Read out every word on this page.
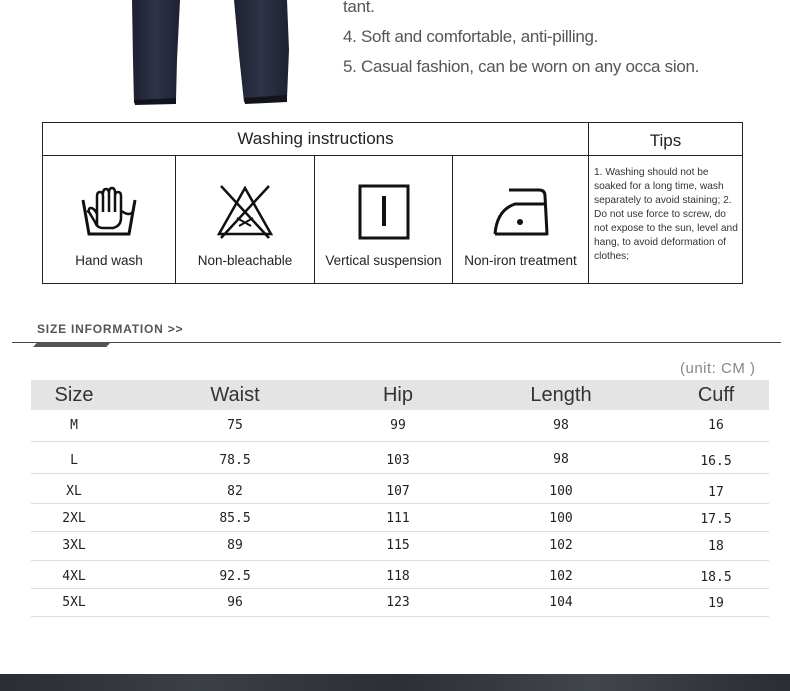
tant.
4. Soft and comfortable, anti-pilling.
5. Casual fashion, can be worn on any occa sion.
Washing instructions	Tips
Hand wash	Non-bleachable	Vertical suspension	Non-iron treatment
1. Washing should not be soaked for a long time, wash separately to avoid staining; 2. Do not use force to screw, do not expose to the sun, level and hang, to avoid deformation of clothes;
SIZE INFORMATION >>
(unit: CM )
Size	Waist	Hip	Length	Cuff
M	75	99	98	16
L	78.5	103	98	16.5
XL	82	107	100	17
2XL	85.5	111	100	17.5
3XL	89	115	102	18
4XL	92.5	118	102	18.5
5XL	96	123	104	19
